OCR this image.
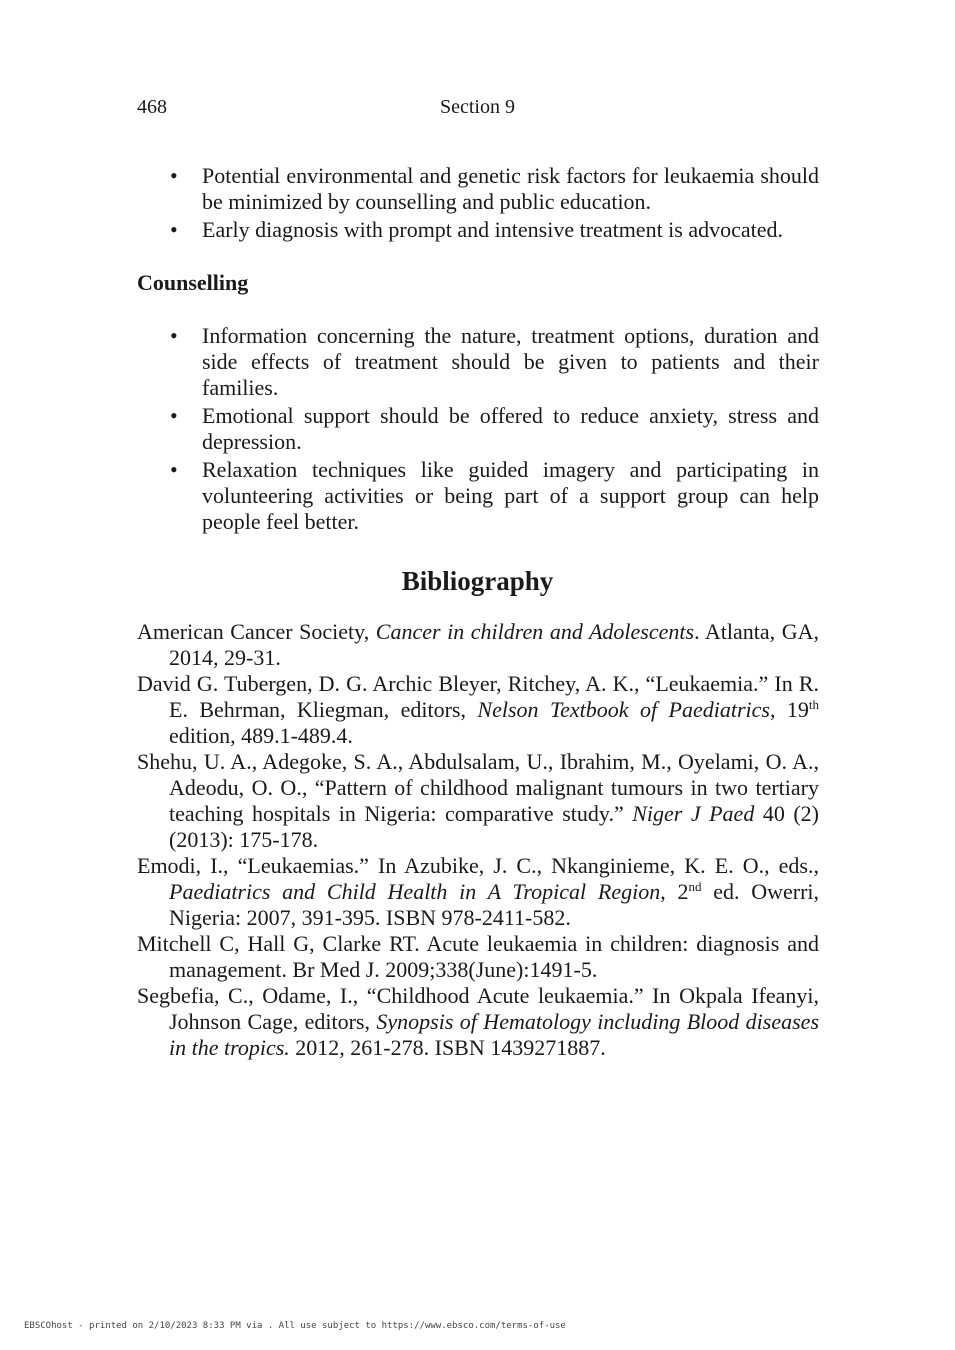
468	Section 9
• Potential environmental and genetic risk factors for leukaemia should be minimized by counselling and public education.
• Early diagnosis with prompt and intensive treatment is advocated.
Counselling
• Information concerning the nature, treatment options, duration and side effects of treatment should be given to patients and their families.
• Emotional support should be offered to reduce anxiety, stress and depression.
• Relaxation techniques like guided imagery and participating in volunteering activities or being part of a support group can help people feel better.
Bibliography
American Cancer Society, Cancer in children and Adolescents. Atlanta, GA, 2014, 29-31.
David G. Tubergen, D. G. Archic Bleyer, Ritchey, A. K., “Leukaemia.” In R. E. Behrman, Kliegman, editors, Nelson Textbook of Paediatrics, 19th edition, 489.1-489.4.
Shehu, U. A., Adegoke, S. A., Abdulsalam, U., Ibrahim, M., Oyelami, O. A., Adeodu, O. O., “Pattern of childhood malignant tumours in two tertiary teaching hospitals in Nigeria: comparative study.” Niger J Paed 40 (2) (2013): 175-178.
Emodi, I., “Leukaemias.” In Azubike, J. C., Nkanginieme, K. E. O., eds., Paediatrics and Child Health in A Tropical Region, 2nd ed. Owerri, Nigeria: 2007, 391-395. ISBN 978-2411-582.
Mitchell C, Hall G, Clarke RT. Acute leukaemia in children: diagnosis and management. Br Med J. 2009;338(June):1491-5.
Segbefia, C., Odame, I., “Childhood Acute leukaemia.” In Okpala Ifeanyi, Johnson Cage, editors, Synopsis of Hematology including Blood diseases in the tropics. 2012, 261-278. ISBN 1439271887.
EBSCOhost - printed on 2/10/2023 8:33 PM via . All use subject to https://www.ebsco.com/terms-of-use
